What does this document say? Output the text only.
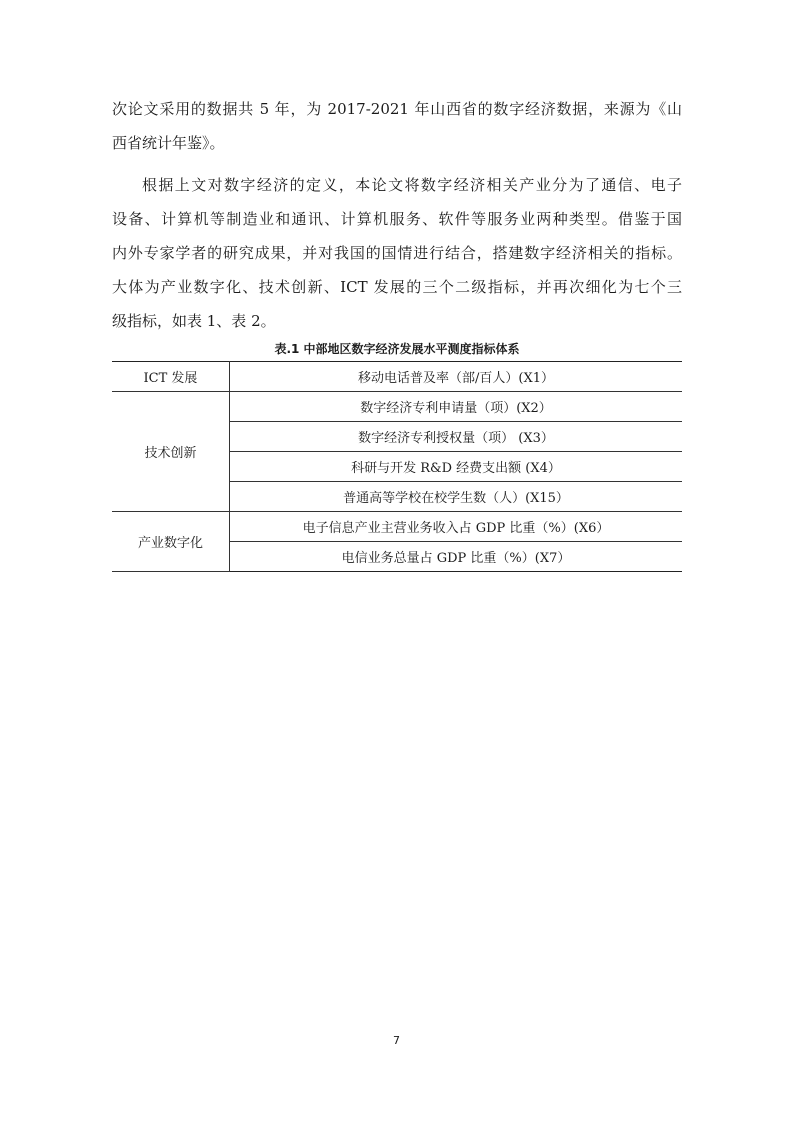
次论文采用的数据共 5 年，为 2017-2021 年山西省的数字经济数据，来源为《山
西省统计年鉴》。
根据上文对数字经济的定义，本论文将数字经济相关产业分为了通信、电子
设备、计算机等制造业和通讯、计算机服务、软件等服务业两种类型。借鉴于国
内外专家学者的研究成果，并对我国的国情进行结合，搭建数字经济相关的指标。
大体为产业数字化、技术创新、ICT 发展的三个二级指标，并再次细化为七个三
级指标，如表 1、表 2。
表.1 中部地区数字经济发展水平测度指标体系
ICT 发展	移动电话普及率（部/百人）(X1）
技术创新	数字经济专利申请量（项）(X2）
	数字经济专利授权量（项） (X3）
	科研与开发 R&D 经费支出额 (X4）
	普通高等学校在校学生数（人）(X15）
产业数字化	电子信息产业主营业务收入占 GDP 比重（%）(X6）
	电信业务总量占 GDP 比重（%）(X7）
7
